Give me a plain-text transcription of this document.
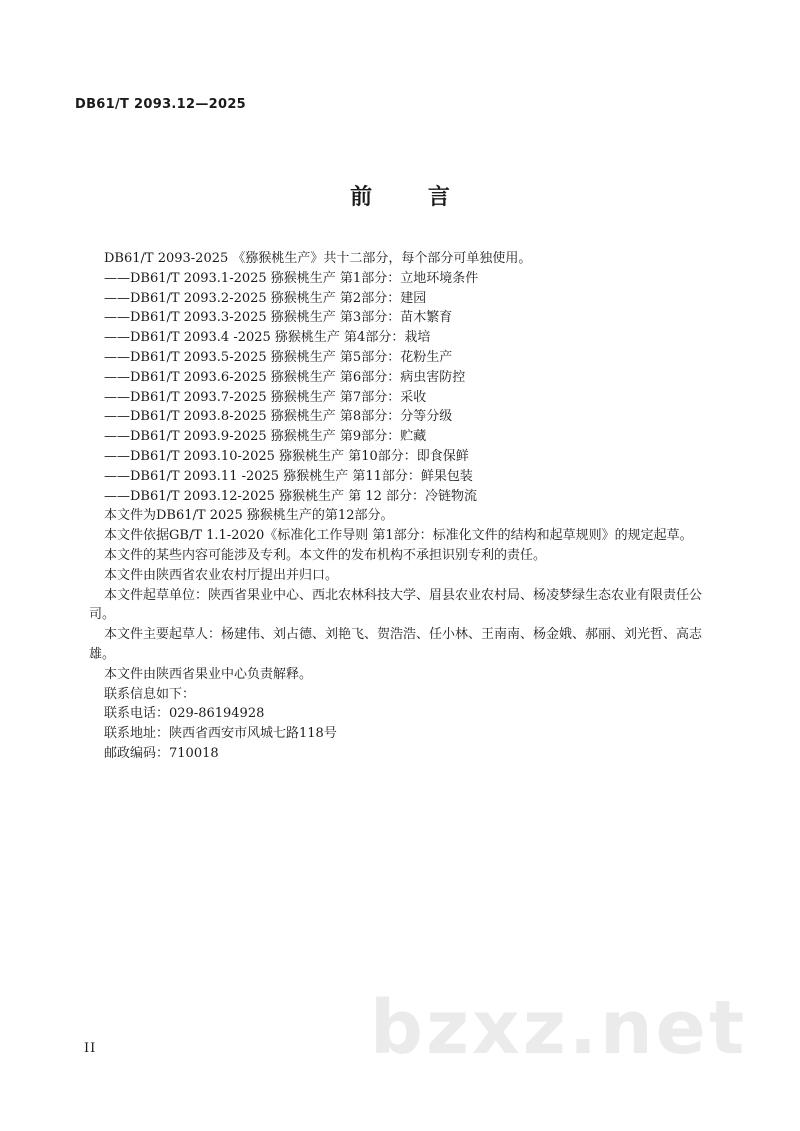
DB61/T 2093.12—2025
前 言
DB61/T 2093-2025 《猕猴桃生产》共十二部分，每个部分可单独使用。
——DB61/T 2093.1-2025 猕猴桃生产 第1部分：立地环境条件
——DB61/T 2093.2-2025 猕猴桃生产 第2部分：建园
——DB61/T 2093.3-2025 猕猴桃生产 第3部分：苗木繁育
——DB61/T 2093.4 -2025 猕猴桃生产 第4部分：栽培
——DB61/T 2093.5-2025 猕猴桃生产 第5部分：花粉生产
——DB61/T 2093.6-2025 猕猴桃生产 第6部分：病虫害防控
——DB61/T 2093.7-2025 猕猴桃生产 第7部分：采收
——DB61/T 2093.8-2025 猕猴桃生产 第8部分：分等分级
——DB61/T 2093.9-2025 猕猴桃生产 第9部分：贮藏
——DB61/T 2093.10-2025 猕猴桃生产 第10部分：即食保鲜
——DB61/T 2093.11 -2025 猕猴桃生产 第11部分：鲜果包装
——DB61/T 2093.12-2025 猕猴桃生产 第 12 部分：冷链物流
本文件为DB61/T 2025 猕猴桃生产的第12部分。
本文件依据GB/T 1.1-2020《标准化工作导则 第1部分：标准化文件的结构和起草规则》的规定起草。
本文件的某些内容可能涉及专利。本文件的发布机构不承担识别专利的责任。
本文件由陕西省农业农村厅提出并归口。
本文件起草单位：陕西省果业中心、西北农林科技大学、眉县农业农村局、杨凌梦绿生态农业有限责任公司。
本文件主要起草人：杨建伟、刘占德、刘艳飞、贺浩浩、任小林、王南南、杨金娥、郝丽、刘光哲、高志雄。
本文件由陕西省果业中心负责解释。
联系信息如下：
联系电话：029-86194928
联系地址：陕西省西安市风城七路118号
邮政编码：710018
II	bzxz.net
